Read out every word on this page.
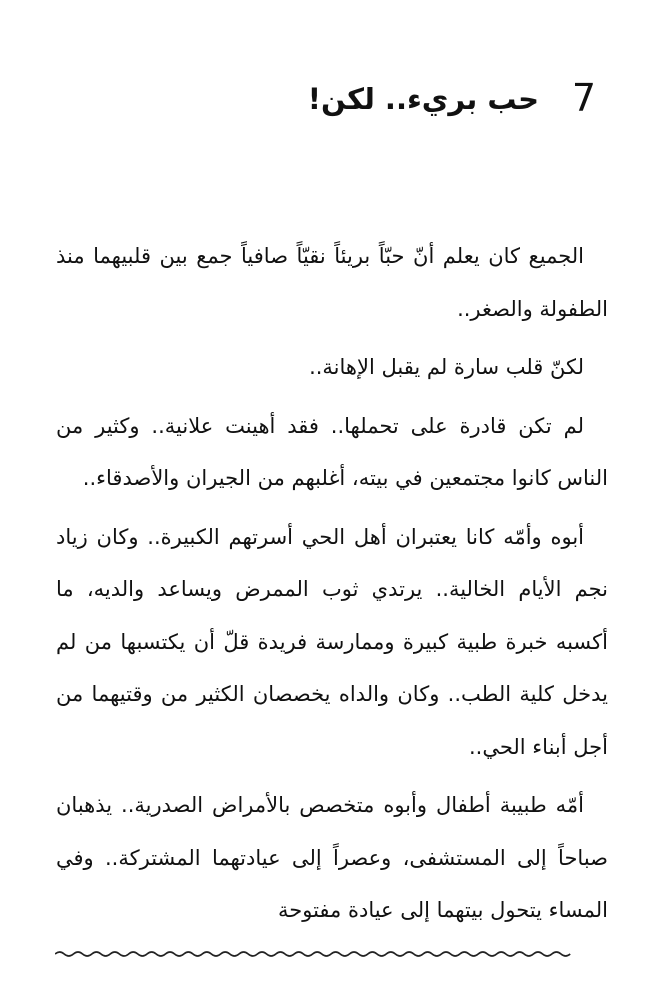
7
حب بريء.. لكن!

الجميع كان يعلم أنّ حبّاً بريئاً نقيّاً صافياً جمع بين قلبيهما منذ الطفولة والصغر..

لكنّ قلب سارة لم يقبل الإهانة..

لم تكن قادرة على تحملها.. فقد أهينت علانية.. وكثير من الناس كانوا مجتمعين في بيته، أغلبهم من الجيران والأصدقاء..

أبوه وأمّه كانا يعتبران أهل الحي أسرتهم الكبيرة.. وكان زياد نجم الأيام الخالية.. يرتدي ثوب الممرض ويساعد والديه، ما أكسبه خبرة طبية كبيرة وممارسة فريدة قلّ أن يكتسبها من لم يدخل كلية الطب.. وكان والداه يخصصان الكثير من وقتيهما من أجل أبناء الحي..

أمّه طبيبة أطفال وأبوه متخصص بالأمراض الصدرية.. يذهبان صباحاً إلى المستشفى، وعصراً إلى عيادتهما المشتركة.. وفي المساء يتحول بيتهما إلى عيادة مفتوحة
